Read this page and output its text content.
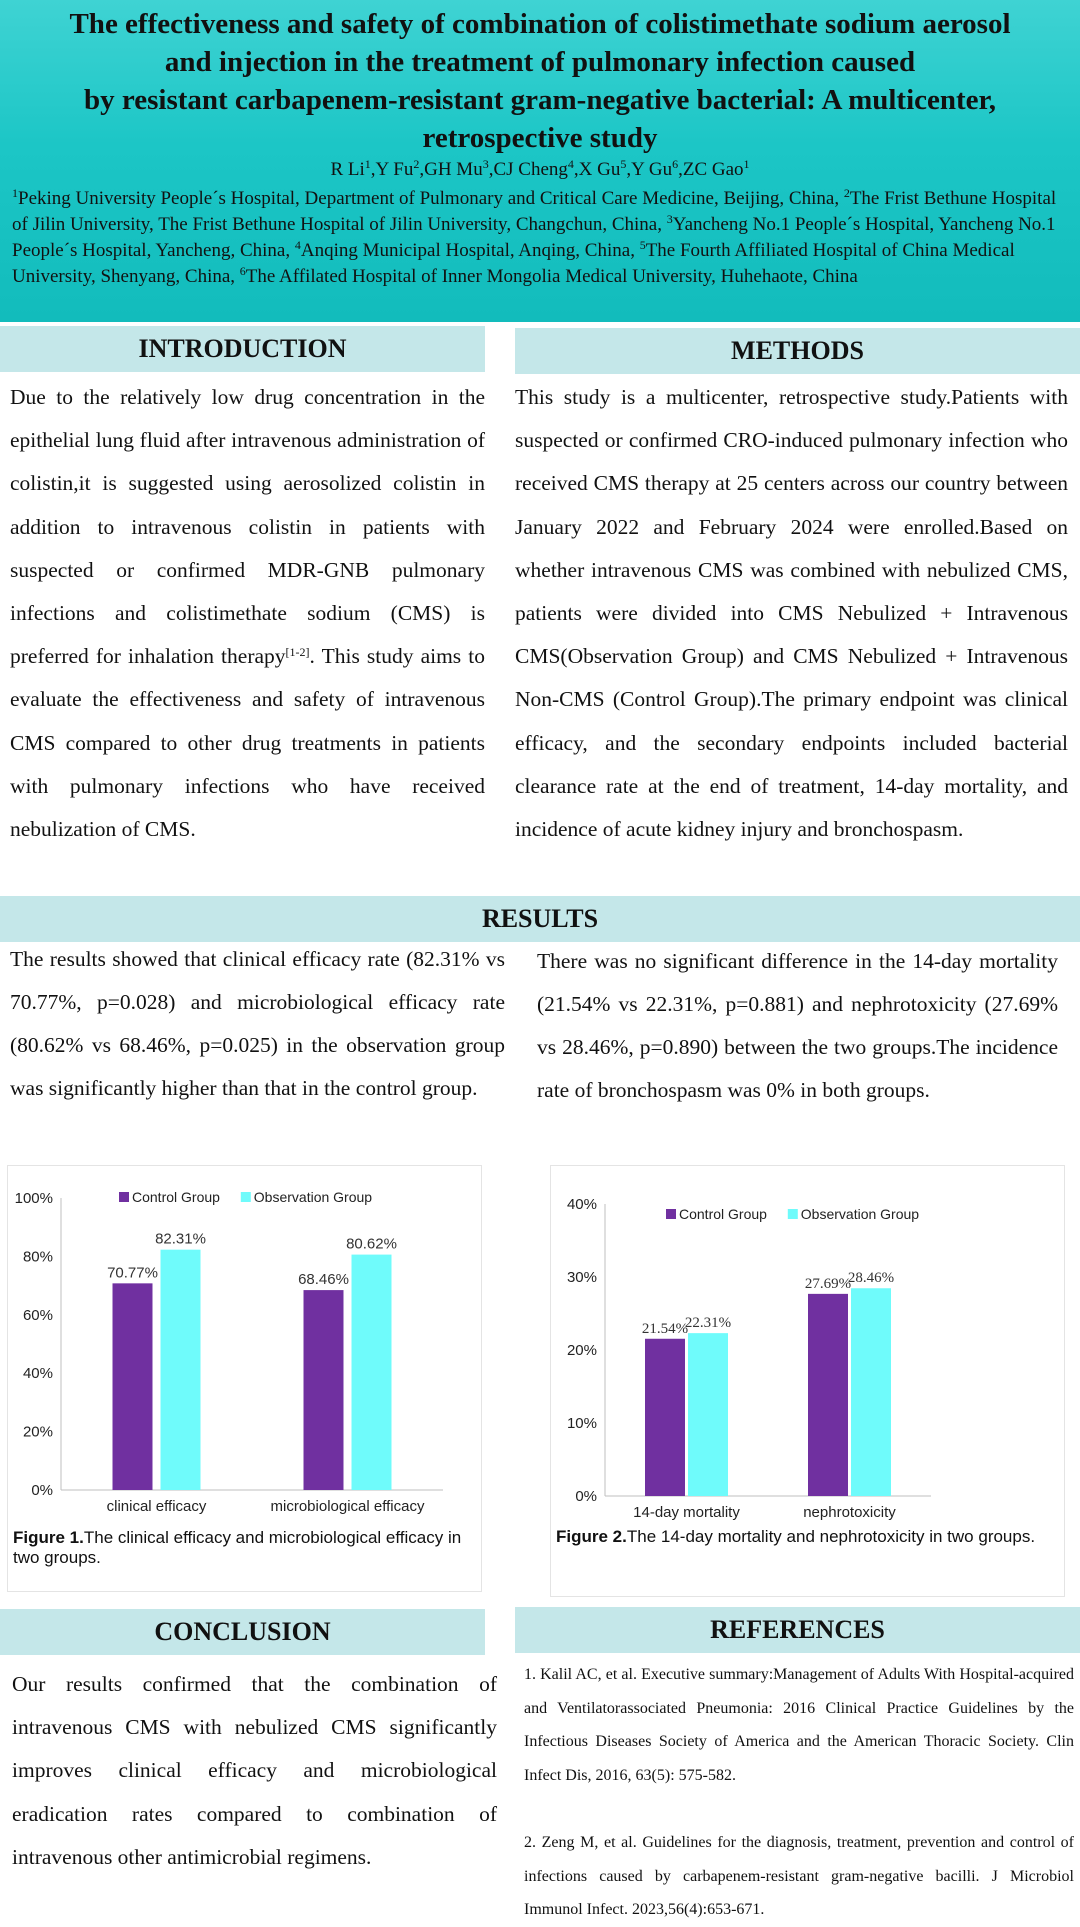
The effectiveness and safety of combination of colistimethate sodium aerosol
and injection in the treatment of pulmonary infection caused
by resistant carbapenem-resistant gram-negative bacterial: A multicenter,
retrospective study
R Li$^1$,Y Fu$^2$,GH Mu$^3$,CJ Cheng$^4$,X Gu$^5$,Y Gu$^6$,ZC Gao$^1$
$^1$Peking University People´s Hospital, Department of Pulmonary and Critical Care Medicine, Beijing, China, $^2$The Frist Bethune Hospital of Jilin University, The Frist Bethune Hospital of Jilin University, Changchun, China, $^3$Yancheng No.1 People´s Hospital, Yancheng No.1 People´s Hospital, Yancheng, China, $^4$Anqing Municipal Hospital, Anqing, China, $^5$The Fourth Affiliated Hospital of China Medical University, Shenyang, China, $^6$The Affilated Hospital of Inner Mongolia Medical University, Huhehaote, China
INTRODUCTION
Due to the relatively low drug concentration in the epithelial lung fluid after intravenous administration of colistin,it is suggested using aerosolized colistin in addition to intravenous colistin in patients with suspected or confirmed MDR-GNB pulmonary infections and colistimethate sodium (CMS) is preferred for inhalation therapy[1-2]. This study aims to evaluate the effectiveness and safety of intravenous CMS compared to other drug treatments in patients with pulmonary infections who have received nebulization of CMS.
METHODS
This study is a multicenter, retrospective study.Patients with suspected or confirmed CRO-induced pulmonary infection who received CMS therapy at 25 centers across our country between January 2022 and February 2024 were enrolled.Based on whether intravenous CMS was combined with nebulized CMS, patients were divided into CMS Nebulized + Intravenous CMS(Observation Group) and CMS Nebulized + Intravenous Non-CMS (Control Group).The primary endpoint was clinical efficacy, and the secondary endpoints included bacterial clearance rate at the end of treatment, 14-day mortality, and incidence of acute kidney injury and bronchospasm.
RESULTS
The results showed that clinical efficacy rate (82.31% vs 70.77%, p=0.028) and microbiological efficacy rate (80.62% vs 68.46%, p=0.025) in the observation group was significantly higher than that in the control group.
There was no significant difference in the 14-day mortality (21.54% vs 22.31%, p=0.881) and nephrotoxicity (27.69% vs 28.46%, p=0.890) between the two groups.The incidence rate of bronchospasm was 0% in both groups.
0%
20%
40%
60%
80%
100%	Control Group Observation Group
70.77%
82.31%
clinical efficacy
68.46%
80.62%
microbiological efficacy
Figure 1.The clinical efficacy and microbiological efficacy in two groups.
0%
10%
20%
30%
40%
Control Group Observation Group
21.54%
22.31%
14-day mortality
27.69%
28.46%
nephrotoxicity
Figure 2.The 14-day mortality and nephrotoxicity in two groups.
CONCLUSION
Our results confirmed that the combination of intravenous CMS with nebulized CMS significantly improves clinical efficacy and microbiological eradication rates compared to combination of intravenous other antimicrobial regimens.
REFERENCES
1. Kalil AC, et al. Executive summary:Management of Adults With Hospital-acquired and Ventilatorassociated Pneumonia: 2016 Clinical Practice Guidelines by the Infectious Diseases Society of America and the American Thoracic Society. Clin Infect Dis, 2016, 63(5): 575-582.
2. Zeng M, et al. Guidelines for the diagnosis, treatment, prevention and control of infections caused by carbapenem-resistant gram-negative bacilli. J Microbiol Immunol Infect. 2023,56(4):653-671.
